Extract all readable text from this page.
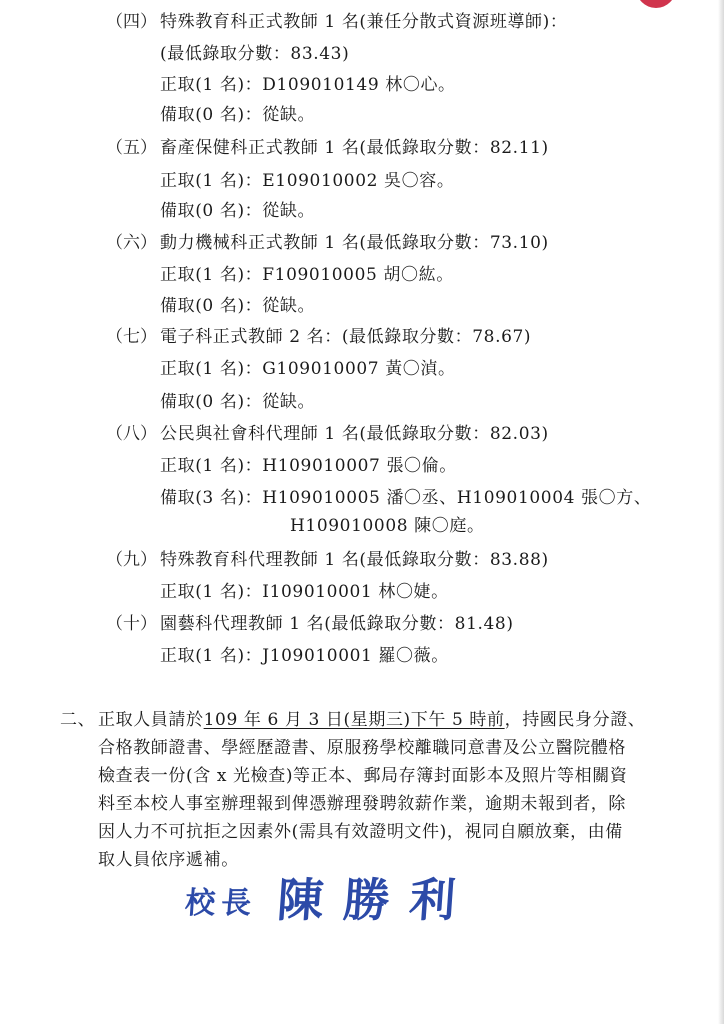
（四） 特殊教育科正式教師 1 名(兼任分散式資源班導師)：
(最低錄取分數：83.43)
正取(1 名)：D109010149 林〇心。
備取(0 名)：從缺。
（五） 畜產保健科正式教師 1 名(最低錄取分數：82.11)
正取(1 名)：E109010002 吳〇容。
備取(0 名)：從缺。
（六） 動力機械科正式教師 1 名(最低錄取分數：73.10)
正取(1 名)：F109010005 胡〇紘。
備取(0 名)：從缺。
（七） 電子科正式教師 2 名：(最低錄取分數：78.67)
正取(1 名)：G109010007 黃〇湞。
備取(0 名)：從缺。
（八） 公民與社會科代理師 1 名(最低錄取分數：82.03)
正取(1 名)：H109010007 張〇倫。
備取(3 名)：H109010005 潘〇丞、H109010004 張〇方、
H109010008 陳〇庭。
（九） 特殊教育科代理教師 1 名(最低錄取分數：83.88)
正取(1 名)：I109010001 林〇婕。
（十） 園藝科代理教師 1 名(最低錄取分數：81.48)
正取(1 名)：J109010001 羅〇薇。
二、 正取人員請於109 年 6 月 3 日(星期三)下午 5 時前，持國民身分證、
合格教師證書、學經歷證書、原服務學校離職同意書及公立醫院體格
檢查表一份(含 x 光檢查)等正本、郵局存簿封面影本及照片等相關資
料至本校人事室辦理報到俾憑辦理發聘敘薪作業，逾期未報到者，除
因人力不可抗拒之因素外(需具有效證明文件)，視同自願放棄，由備
取人員依序遞補。
校長 陳勝利
